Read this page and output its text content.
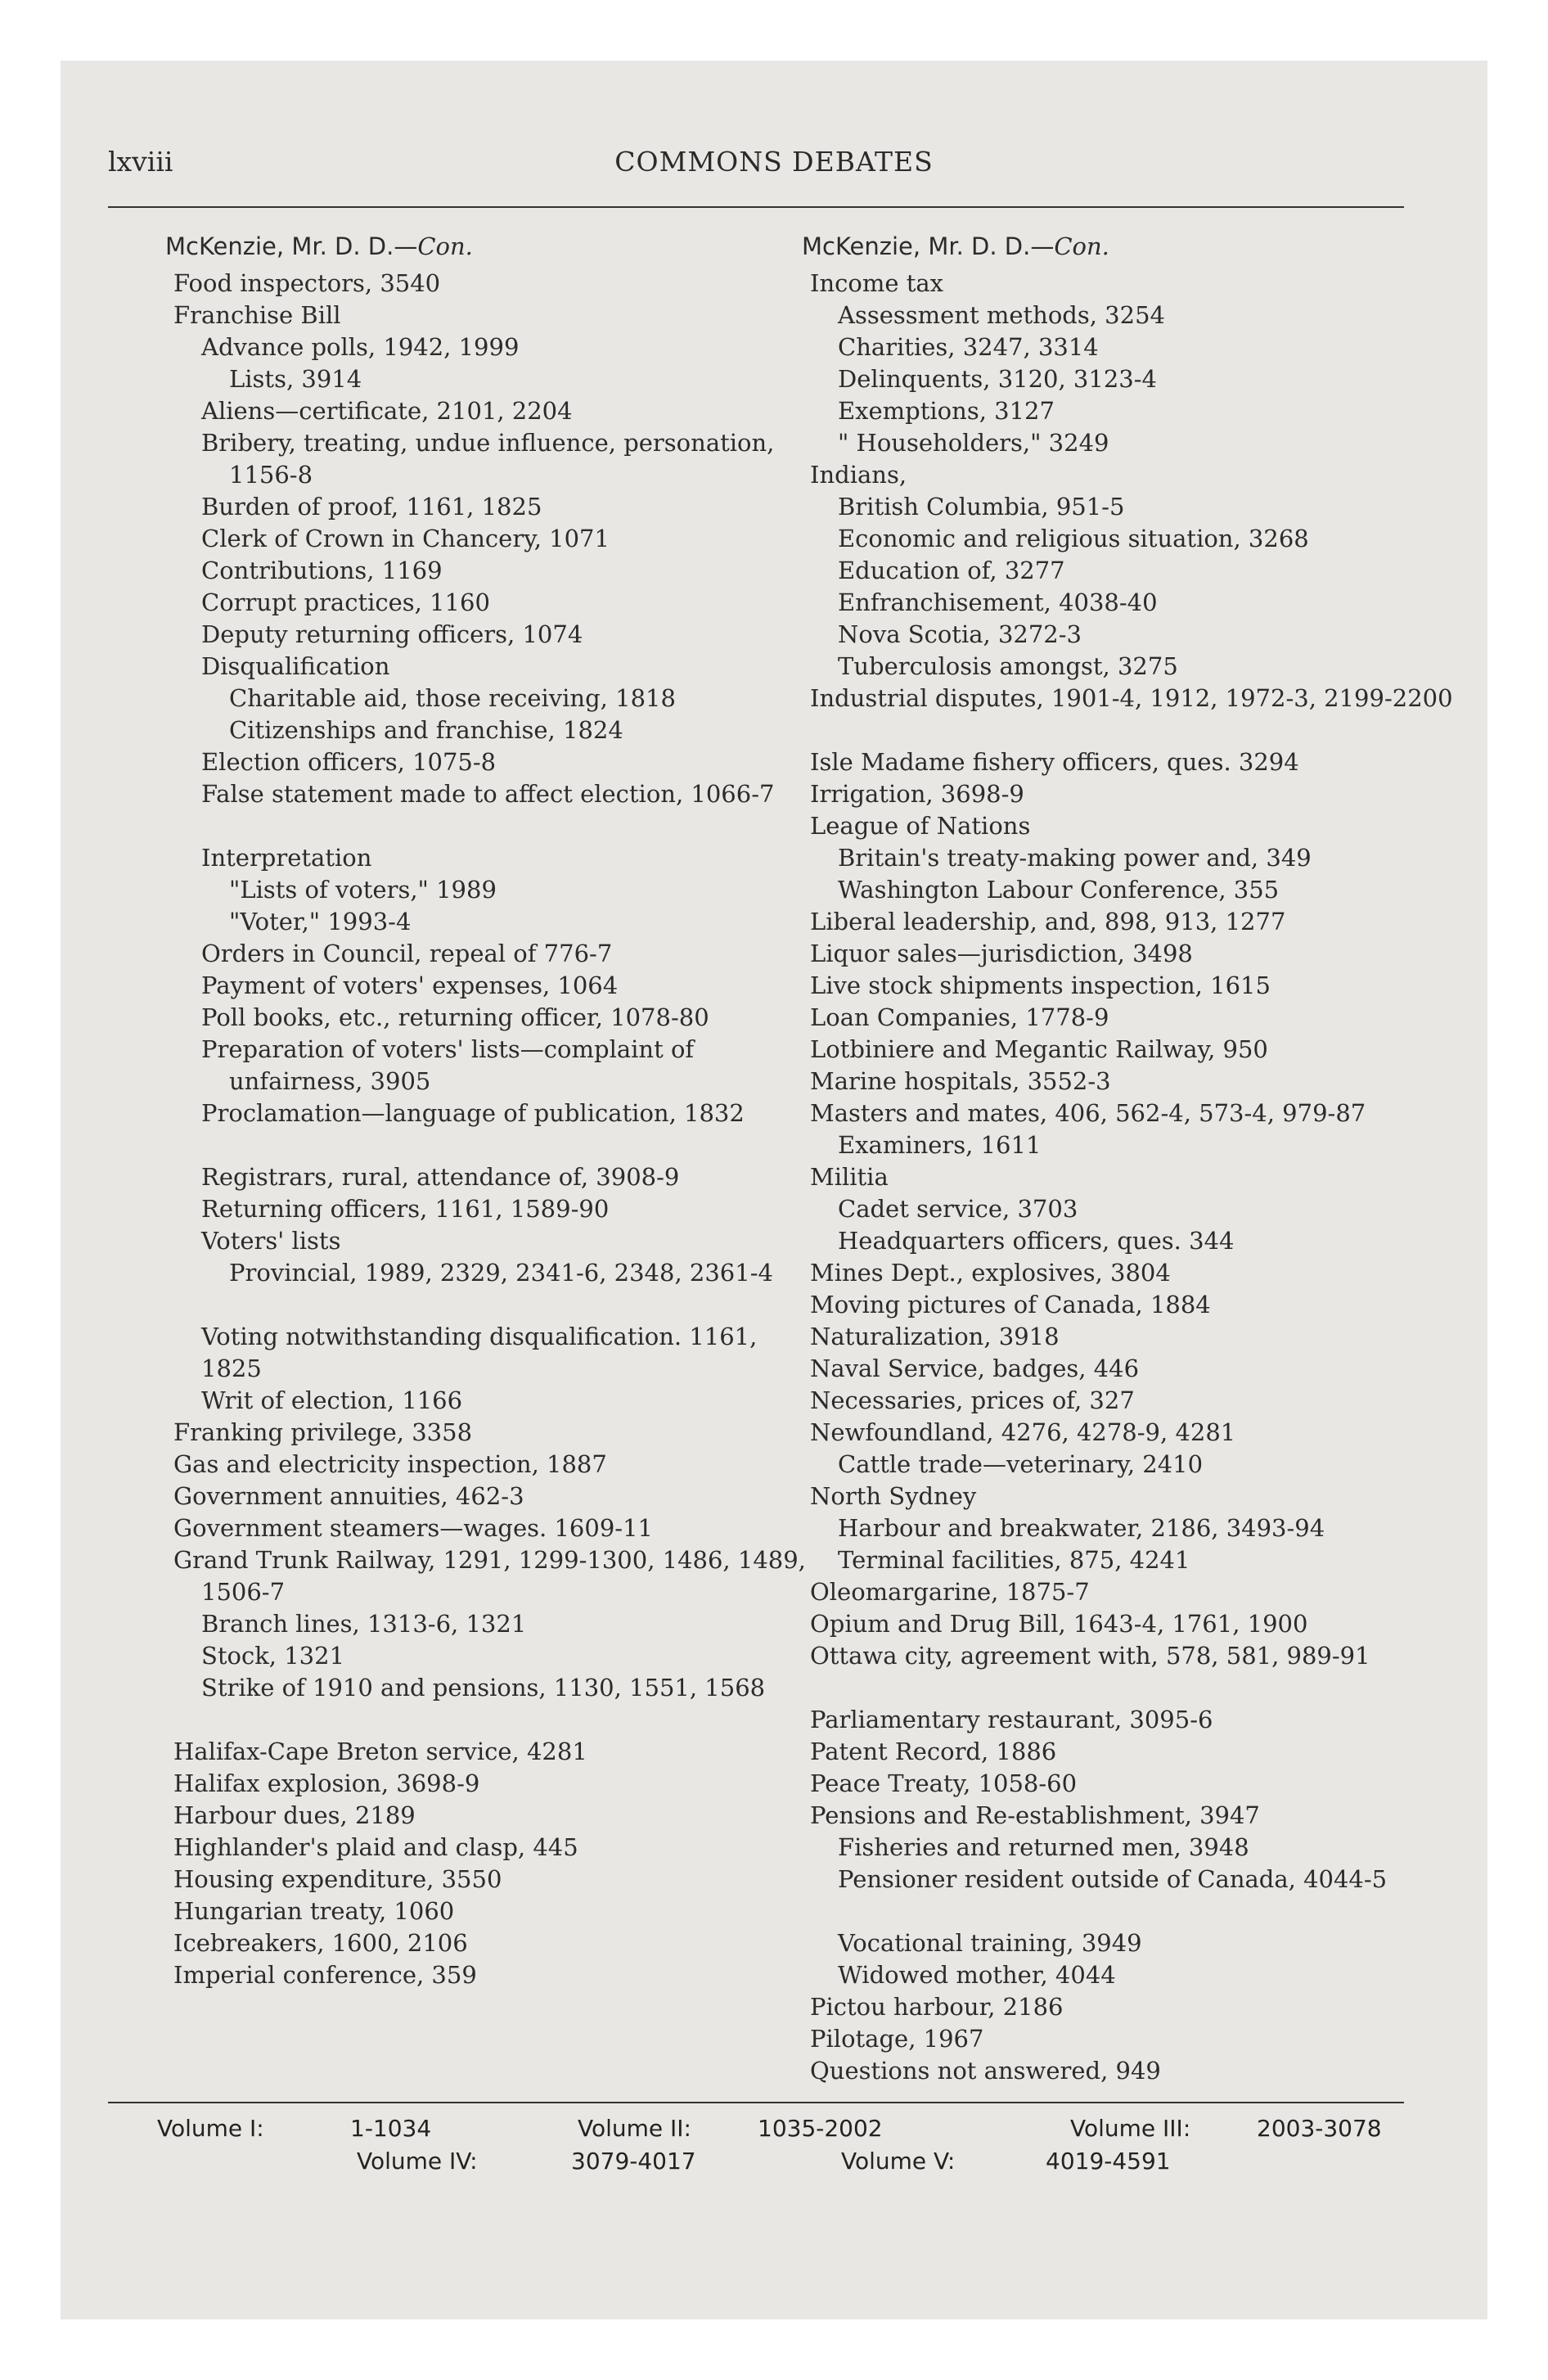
lxviii	COMMONS DEBATES
McKenzie, Mr. D. D.—Con.
Food inspectors, 3540
Franchise Bill
Advance polls, 1942, 1999
Lists, 3914
Aliens—certificate, 2101, 2204
Bribery, treating, undue influence, personation, 1156-8
Burden of proof, 1161, 1825
Clerk of Crown in Chancery, 1071
Contributions, 1169
Corrupt practices, 1160
Deputy returning officers, 1074
Disqualification
Charitable aid, those receiving, 1818
Citizenships and franchise, 1824
Election officers, 1075-8
False statement made to affect election, 1066-7
Interpretation
"Lists of voters," 1989
"Voter," 1993-4
Orders in Council, repeal of 776-7
Payment of voters' expenses, 1064
Poll books, etc., returning officer, 1078-80
Preparation of voters' lists—complaint of unfairness, 3905
Proclamation—language of publication, 1832
Registrars, rural, attendance of, 3908-9
Returning officers, 1161, 1589-90
Voters' lists
Provincial, 1989, 2329, 2341-6, 2348, 2361-4
Voting notwithstanding disqualification. 1161, 1825
Writ of election, 1166
Franking privilege, 3358
Gas and electricity inspection, 1887
Government annuities, 462-3
Government steamers—wages. 1609-11
Grand Trunk Railway, 1291, 1299-1300, 1486, 1489, 1506-7
Branch lines, 1313-6, 1321
Stock, 1321
Strike of 1910 and pensions, 1130, 1551, 1568
Halifax-Cape Breton service, 4281
Halifax explosion, 3698-9
Harbour dues, 2189
Highlander's plaid and clasp, 445
Housing expenditure, 3550
Hungarian treaty, 1060
Icebreakers, 1600, 2106
Imperial conference, 359
McKenzie, Mr. D. D.—Con.
Income tax
Assessment methods, 3254
Charities, 3247, 3314
Delinquents, 3120, 3123-4
Exemptions, 3127
" Householders," 3249
Indians,
British Columbia, 951-5
Economic and religious situation, 3268
Education of, 3277
Enfranchisement, 4038-40
Nova Scotia, 3272-3
Tuberculosis amongst, 3275
Industrial disputes, 1901-4, 1912, 1972-3, 2199-2200
Isle Madame fishery officers, ques. 3294
Irrigation, 3698-9
League of Nations
Britain's treaty-making power and, 349
Washington Labour Conference, 355
Liberal leadership, and, 898, 913, 1277
Liquor sales—jurisdiction, 3498
Live stock shipments inspection, 1615
Loan Companies, 1778-9
Lotbiniere and Megantic Railway, 950
Marine hospitals, 3552-3
Masters and mates, 406, 562-4, 573-4, 979-87
Examiners, 1611
Militia
Cadet service, 3703
Headquarters officers, ques. 344
Mines Dept., explosives, 3804
Moving pictures of Canada, 1884
Naturalization, 3918
Naval Service, badges, 446
Necessaries, prices of, 327
Newfoundland, 4276, 4278-9, 4281
Cattle trade—veterinary, 2410
North Sydney
Harbour and breakwater, 2186, 3493-94
Terminal facilities, 875, 4241
Oleomargarine, 1875-7
Opium and Drug Bill, 1643-4, 1761, 1900
Ottawa city, agreement with, 578, 581, 989-91
Parliamentary restaurant, 3095-6
Patent Record, 1886
Peace Treaty, 1058-60
Pensions and Re-establishment, 3947
Fisheries and returned men, 3948
Pensioner resident outside of Canada, 4044-5
Vocational training, 3949
Widowed mother, 4044
Pictou harbour, 2186
Pilotage, 1967
Questions not answered, 949
Volume I:	1-1034	Volume II:	1035-2002	Volume III:	2003-3078
Volume IV:	3079-4017	Volume V:	4019-4591
